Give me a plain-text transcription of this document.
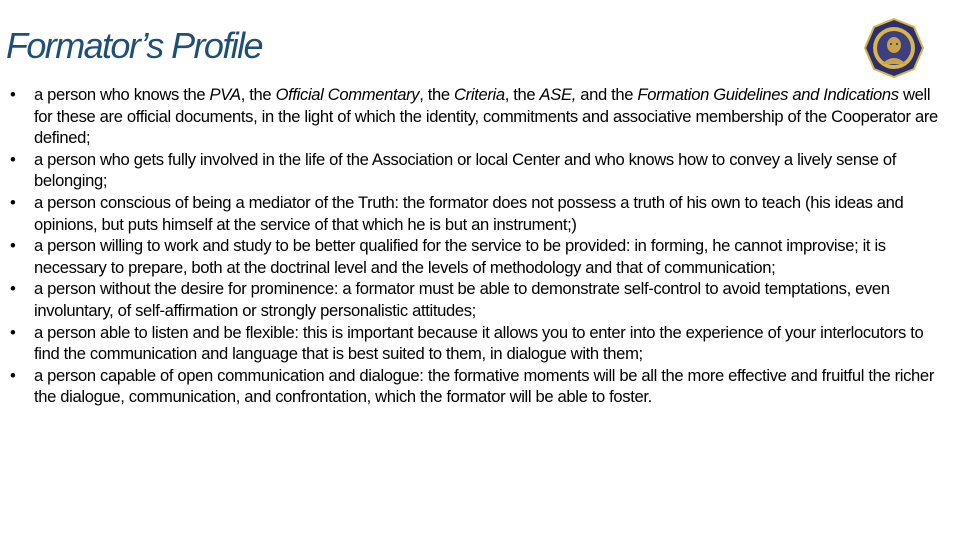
Formator’s Profile
•	a person who knows the PVA, the Official Commentary, the Criteria, the ASE, and the Formation Guidelines and Indications well for these are official documents, in the light of which the identity, commitments and associative membership of the Cooperator are defined;
•	a person who gets fully involved in the life of the Association or local Center and who knows how to convey a lively sense of belonging;
•	a person conscious of being a mediator of the Truth: the formator does not possess a truth of his own to teach (his ideas and opinions, but puts himself at the service of that which he is but an instrument;)
•	a person willing to work and study to be better qualified for the service to be provided: in forming, he cannot improvise; it is necessary to prepare, both at the doctrinal level and the levels of methodology and that of communication;
•	a person without the desire for prominence: a formator must be able to demonstrate self-control to avoid temptations, even involuntary, of self-affirmation or strongly personalistic attitudes;
•	a person able to listen and be flexible: this is important because it allows you to enter into the experience of your interlocutors to find the communication and language that is best suited to them, in dialogue with them;
•	a person capable of open communication and dialogue: the formative moments will be all the more effective and fruitful the richer the dialogue, communication, and confrontation, which the formator will be able to foster.
